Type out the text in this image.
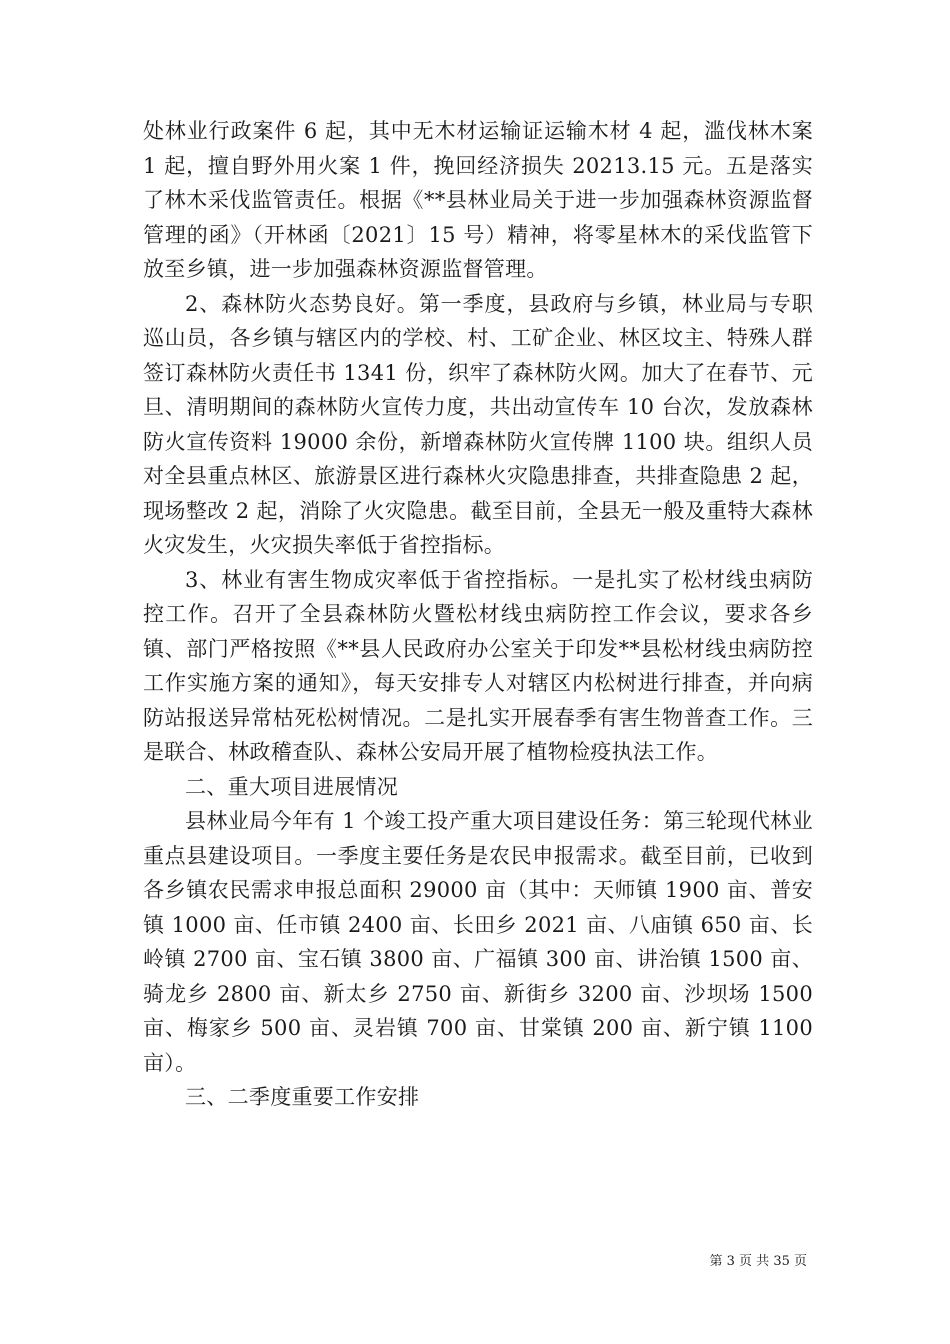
处林业行政案件 6 起，其中无木材运输证运输木材 4 起，滥伐林木案 1 起，擅自野外用火案 1 件，挽回经济损失 20213.15 元。五是落实了林木采伐监管责任。根据《**县林业局关于进一步加强森林资源监督管理的函》（开林函〔2021〕15 号）精神，将零星林木的采伐监管下放至乡镇，进一步加强森林资源监督管理。

2、森林防火态势良好。第一季度，县政府与乡镇，林业局与专职巡山员，各乡镇与辖区内的学校、村、工矿企业、林区坟主、特殊人群签订森林防火责任书 1341 份，织牢了森林防火网。加大了在春节、元旦、清明期间的森林防火宣传力度，共出动宣传车 10 台次，发放森林防火宣传资料 19000 余份，新增森林防火宣传牌 1100 块。组织人员对全县重点林区、旅游景区进行森林火灾隐患排查，共排查隐患 2 起，现场整改 2 起，消除了火灾隐患。截至目前，全县无一般及重特大森林火灾发生，火灾损失率低于省控指标。

3、林业有害生物成灾率低于省控指标。一是扎实了松材线虫病防控工作。召开了全县森林防火暨松材线虫病防控工作会议，要求各乡镇、部门严格按照《**县人民政府办公室关于印发**县松材线虫病防控工作实施方案的通知》，每天安排专人对辖区内松树进行排查，并向病防站报送异常枯死松树情况。二是扎实开展春季有害生物普查工作。三是联合、林政稽查队、森林公安局开展了植物检疫执法工作。

二、重大项目进展情况

县林业局今年有 1 个竣工投产重大项目建设任务：第三轮现代林业重点县建设项目。一季度主要任务是农民申报需求。截至目前，已收到各乡镇农民需求申报总面积 29000 亩（其中：天师镇 1900 亩、普安镇 1000 亩、任市镇 2400 亩、长田乡 2021 亩、八庙镇 650 亩、长岭镇 2700 亩、宝石镇 3800 亩、广福镇 300 亩、讲治镇 1500 亩、骑龙乡 2800 亩、新太乡 2750 亩、新街乡 3200 亩、沙坝场 1500 亩、梅家乡 500 亩、灵岩镇 700 亩、甘棠镇 200 亩、新宁镇 1100 亩）。

三、二季度重要工作安排

第 3 页 共 35 页
